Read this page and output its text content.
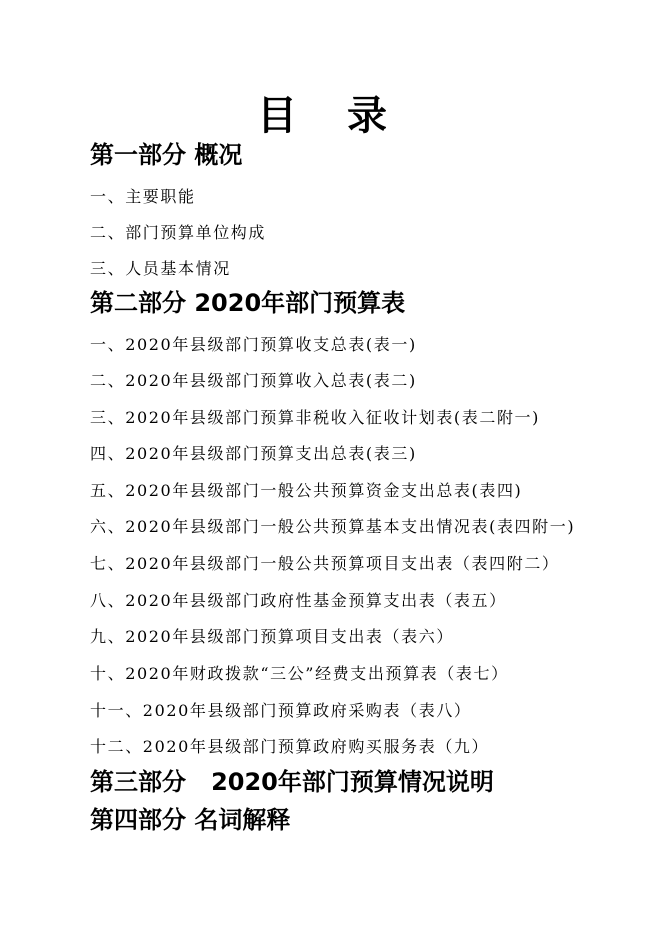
目 录
第一部分 概况
一、主要职能
二、部门预算单位构成
三、人员基本情况
第二部分 2020年部门预算表
一、2020年县级部门预算收支总表(表一)
二、2020年县级部门预算收入总表(表二)
三、2020年县级部门预算非税收入征收计划表(表二附一)
四、2020年县级部门预算支出总表(表三)
五、2020年县级部门一般公共预算资金支出总表(表四)
六、2020年县级部门一般公共预算基本支出情况表(表四附一)
七、2020年县级部门一般公共预算项目支出表（表四附二）
八、2020年县级部门政府性基金预算支出表（表五）
九、2020年县级部门预算项目支出表（表六）
十、2020年财政拨款“三公”经费支出预算表（表七）
十一、2020年县级部门预算政府采购表（表八）
十二、2020年县级部门预算政府购买服务表（九）
第三部分   2020年部门预算情况说明
第四部分 名词解释
